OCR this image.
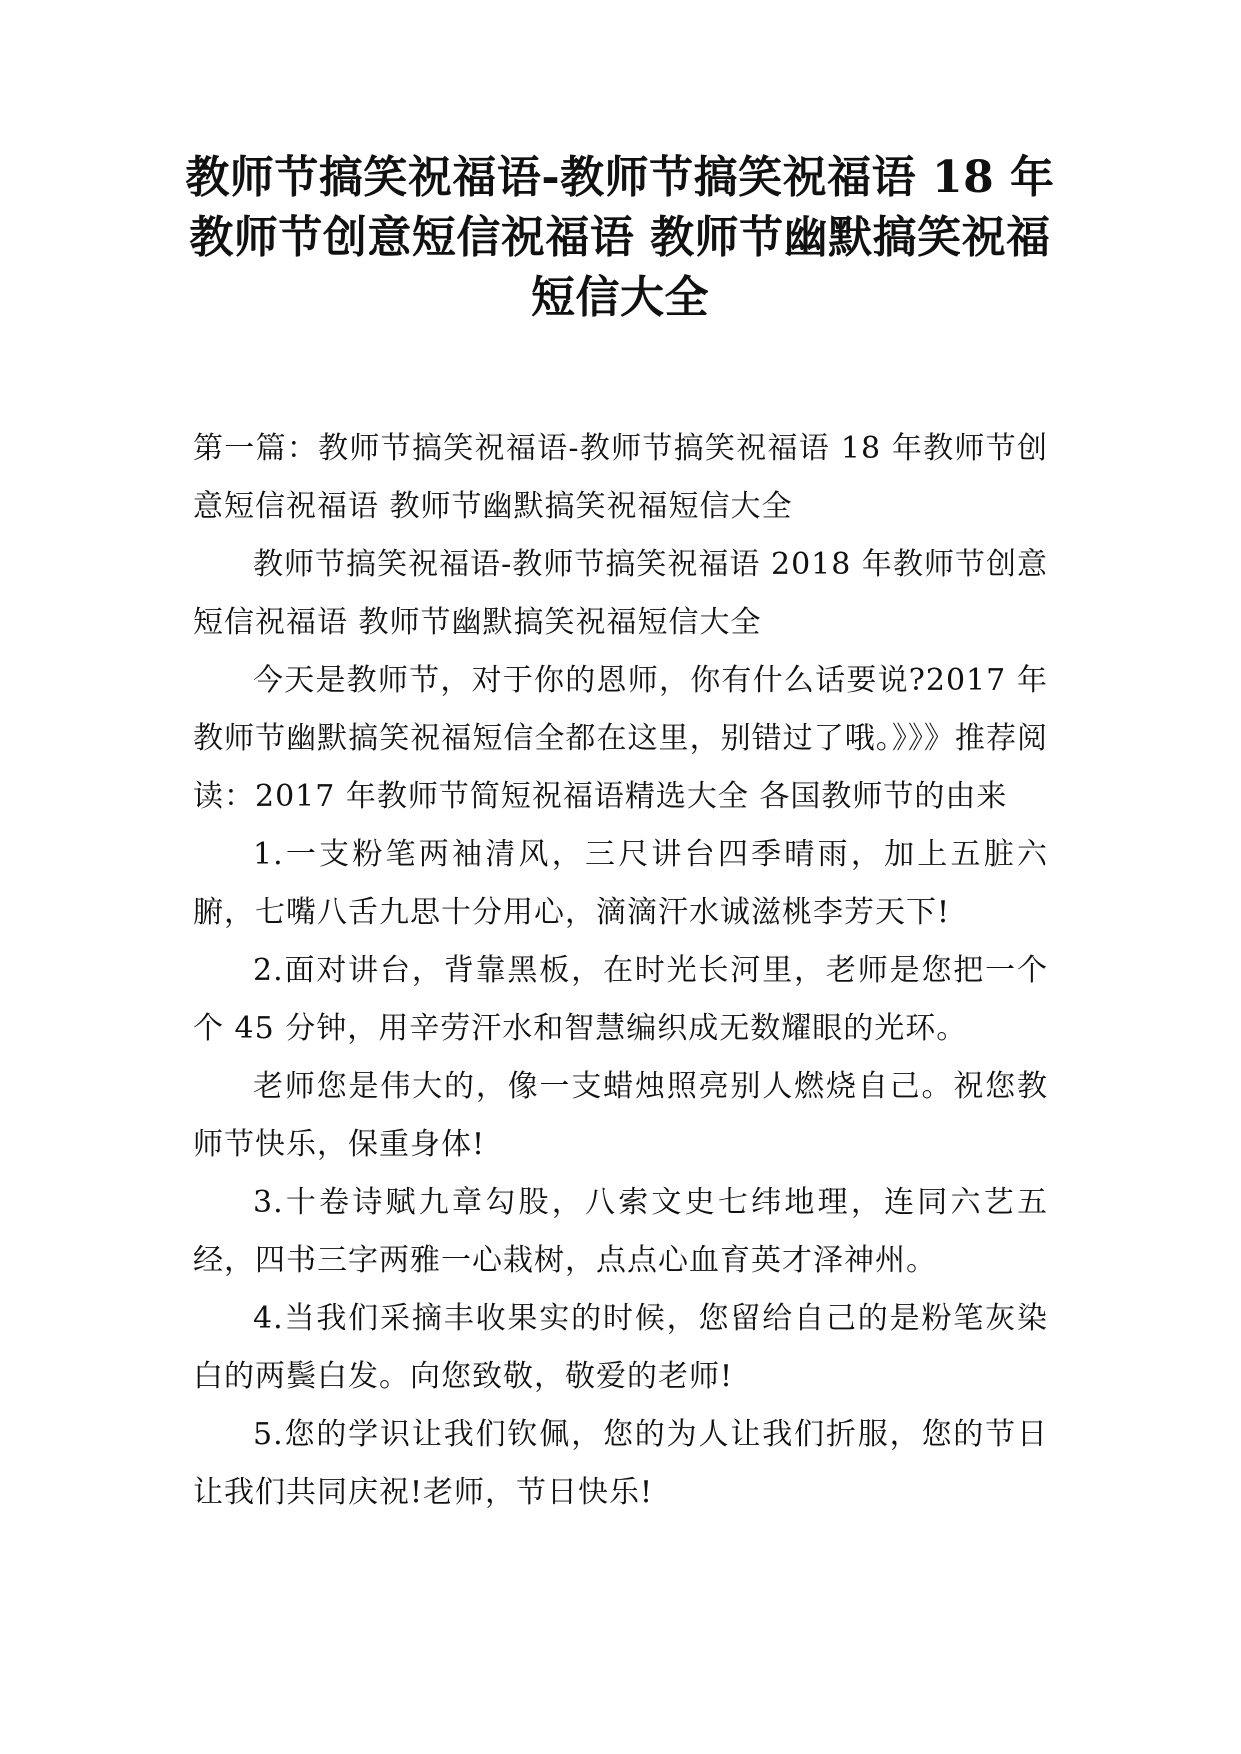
教师节搞笑祝福语-教师节搞笑祝福语 18 年教师节创意短信祝福语 教师节幽默搞笑祝福短信大全

第一篇：教师节搞笑祝福语-教师节搞笑祝福语 18 年教师节创意短信祝福语 教师节幽默搞笑祝福短信大全

教师节搞笑祝福语-教师节搞笑祝福语 2018 年教师节创意短信祝福语 教师节幽默搞笑祝福短信大全

今天是教师节，对于你的恩师，你有什么话要说?2017 年教师节幽默搞笑祝福短信全都在这里，别错过了哦。》》》推荐阅读：2017 年教师节简短祝福语精选大全 各国教师节的由来

1.一支粉笔两袖清风，三尺讲台四季晴雨，加上五脏六腑，七嘴八舌九思十分用心，滴滴汗水诚滋桃李芳天下!

2.面对讲台，背靠黑板，在时光长河里，老师是您把一个个 45 分钟，用辛劳汗水和智慧编织成无数耀眼的光环。

老师您是伟大的，像一支蜡烛照亮别人燃烧自己。祝您教师节快乐，保重身体!

3.十卷诗赋九章勾股，八索文史七纬地理，连同六艺五经，四书三字两雅一心栽树，点点心血育英才泽神州。

4.当我们采摘丰收果实的时候，您留给自己的是粉笔灰染白的两鬓白发。向您致敬，敬爱的老师!

5.您的学识让我们钦佩，您的为人让我们折服，您的节日让我们共同庆祝!老师，节日快乐!
